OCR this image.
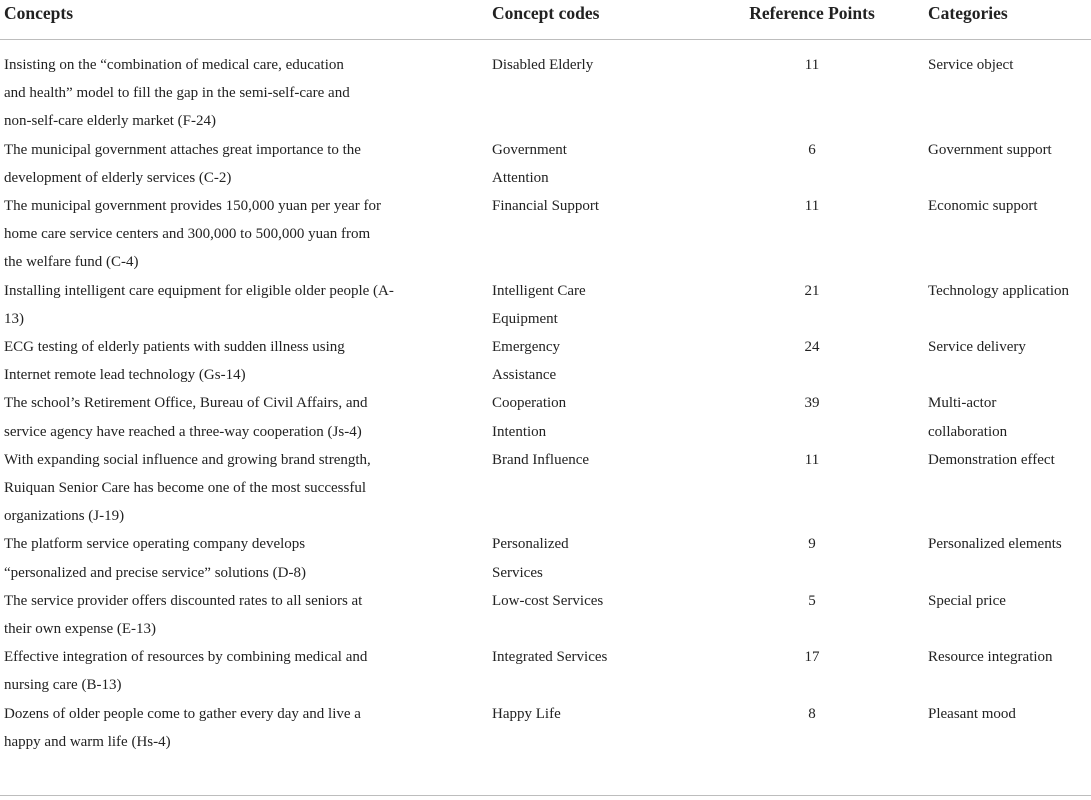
Concepts	Concept codes	Reference Points	Categories
Insisting on the “combination of medical care, education and health” model to fill the gap in the semi-self-care and non-self-care elderly market (F-24)	Disabled Elderly	11	Service object
The municipal government attaches great importance to the development of elderly services (C-2)	Government Attention	6	Government support
The municipal government provides 150,000 yuan per year for home care service centers and 300,000 to 500,000 yuan from the welfare fund (C-4)	Financial Support	11	Economic support
Installing intelligent care equipment for eligible older people (A-13)	Intelligent Care Equipment	21	Technology application
ECG testing of elderly patients with sudden illness using Internet remote lead technology (Gs-14)	Emergency Assistance	24	Service delivery
The school’s Retirement Office, Bureau of Civil Affairs, and service agency have reached a three-way cooperation (Js-4)	Cooperation Intention	39	Multi-actor collaboration
With expanding social influence and growing brand strength, Ruiquan Senior Care has become one of the most successful organizations (J-19)	Brand Influence	11	Demonstration effect
The platform service operating company develops “personalized and precise service” solutions (D-8)	Personalized Services	9	Personalized elements
The service provider offers discounted rates to all seniors at their own expense (E-13)	Low-cost Services	5	Special price
Effective integration of resources by combining medical and nursing care (B-13)	Integrated Services	17	Resource integration
Dozens of older people come to gather every day and live a happy and warm life (Hs-4)	Happy Life	8	Pleasant mood
